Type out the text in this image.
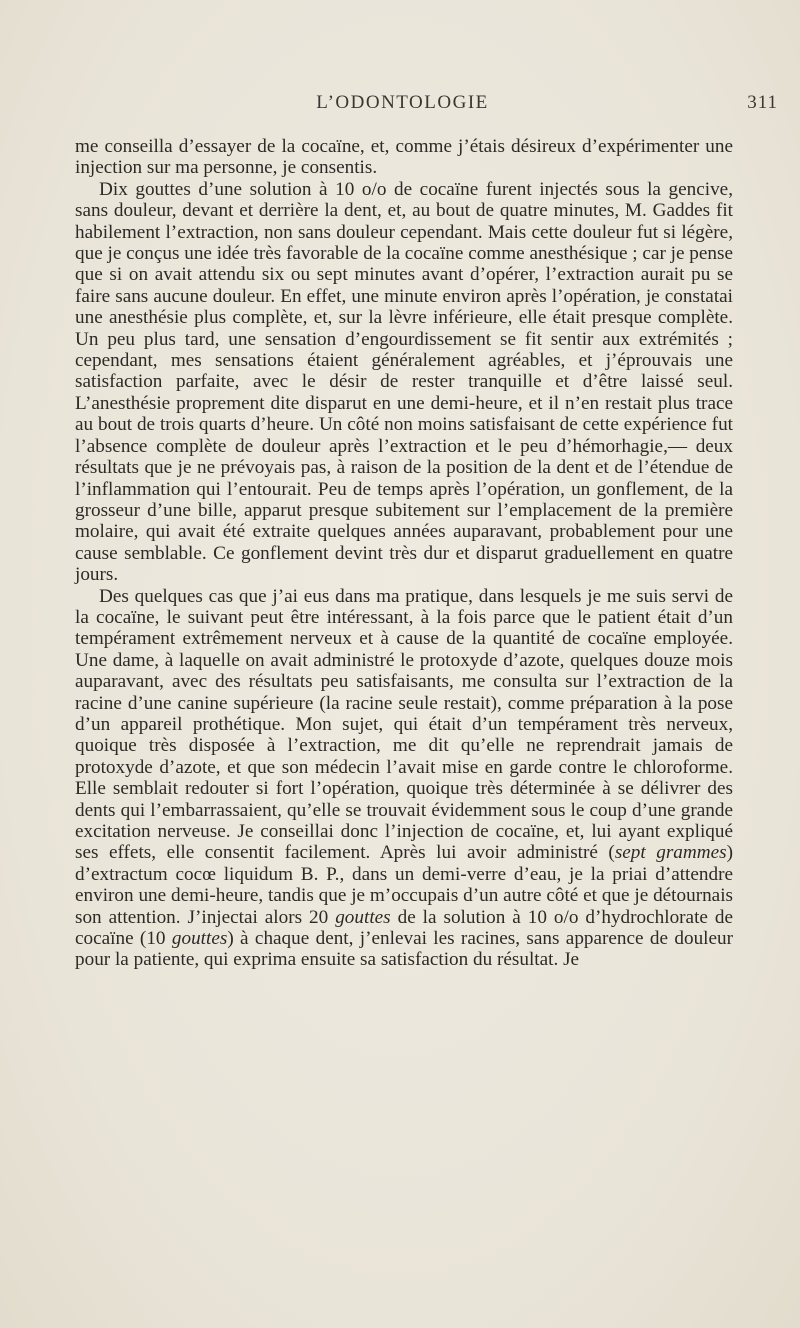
L’ODONTOLOGIE	311

me conseilla d’essayer de la cocaïne, et, comme j’étais désireux d’expérimenter une injection sur ma personne, je consentis.

Dix gouttes d’une solution à 10 o/o de cocaïne furent injectés sous la gencive, sans douleur, devant et derrière la dent, et, au bout de quatre minutes, M. Gaddes fit habilement l’extraction, non sans douleur cependant. Mais cette douleur fut si légère, que je conçus une idée très favorable de la cocaïne comme anesthésique ; car je pense que si on avait attendu six ou sept minutes avant d’opérer, l’extraction aurait pu se faire sans aucune douleur. En effet, une minute environ après l’opération, je constatai une anesthésie plus complète, et, sur la lèvre inférieure, elle était presque complète. Un peu plus tard, une sensation d’engourdissement se fit sentir aux extrémités ; cependant, mes sensations étaient généralement agréables, et j’éprouvais une satisfaction parfaite, avec le désir de rester tranquille et d’être laissé seul. L’anesthésie proprement dite disparut en une demi-heure, et il n’en restait plus trace au bout de trois quarts d’heure. Un côté non moins satisfaisant de cette expérience fut l’absence complète de douleur après l’extraction et le peu d’hémorhagie,— deux résultats que je ne prévoyais pas, à raison de la position de la dent et de l’étendue de l’inflammation qui l’entourait. Peu de temps après l’opération, un gonflement, de la grosseur d’une bille, apparut presque subitement sur l’emplacement de la première molaire, qui avait été extraite quelques années auparavant, probablement pour une cause semblable. Ce gonflement devint très dur et disparut graduellement en quatre jours.

Des quelques cas que j’ai eus dans ma pratique, dans lesquels je me suis servi de la cocaïne, le suivant peut être intéressant, à la fois parce que le patient était d’un tempérament extrêmement nerveux et à cause de la quantité de cocaïne employée. Une dame, à laquelle on avait administré le protoxyde d’azote, quelques douze mois auparavant, avec des résultats peu satisfaisants, me consulta sur l’extraction de la racine d’une canine supérieure (la racine seule restait), comme préparation à la pose d’un appareil prothétique. Mon sujet, qui était d’un tempérament très nerveux, quoique très disposée à l’extraction, me dit qu’elle ne reprendrait jamais de protoxyde d’azote, et que son médecin l’avait mise en garde contre le chloroforme. Elle semblait redouter si fort l’opération, quoique très déterminée à se délivrer des dents qui l’embarrassaient, qu’elle se trouvait évidemment sous le coup d’une grande excitation nerveuse. Je conseillai donc l’injection de cocaïne, et, lui ayant expliqué ses effets, elle consentit facilement. Après lui avoir administré (sept grammes) d’extractum cocœ liquidum B. P., dans un demi-verre d’eau, je la priai d’attendre environ une demi-heure, tandis que je m’occupais d’un autre côté et que je détournais son attention. J’injectai alors 20 gouttes de la solution à 10 o/o d’hydrochlorate de cocaïne (10 gouttes) à chaque dent, j’enlevai les racines, sans apparence de douleur pour la patiente, qui exprima ensuite sa satisfaction du résultat. Je
